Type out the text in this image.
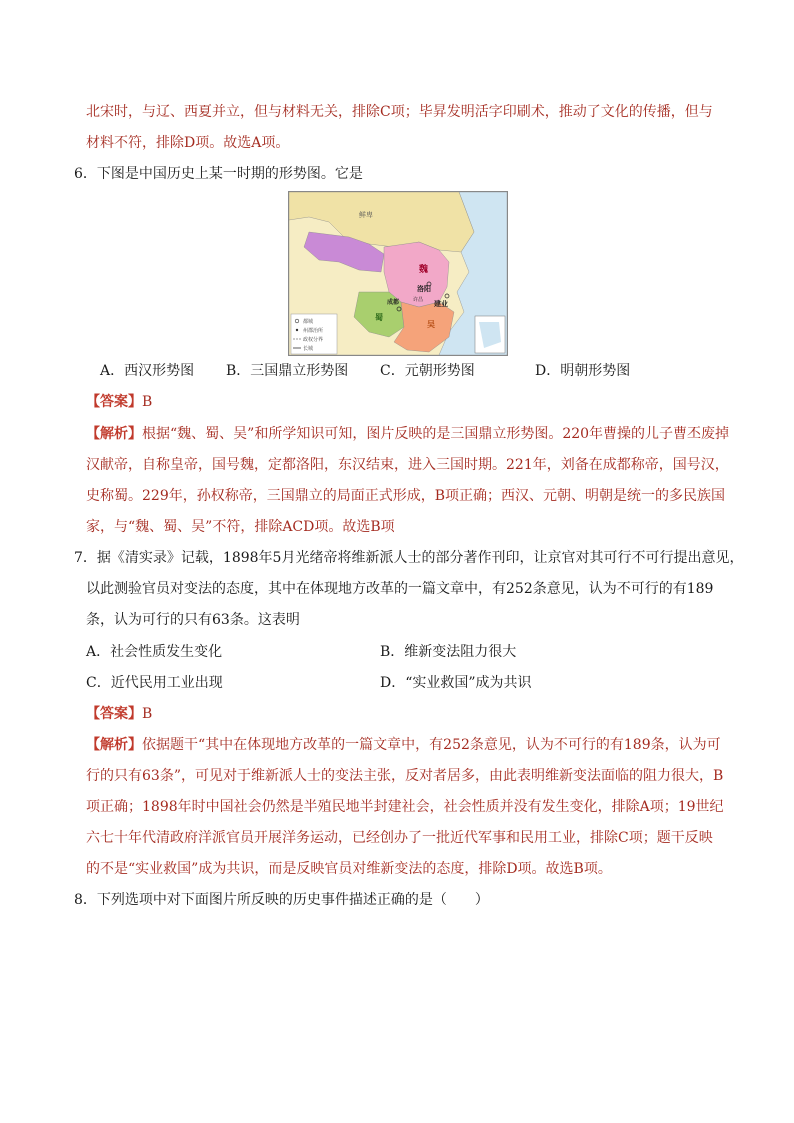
北宋时，与辽、西夏并立，但与材料无关，排除C项；毕昇发明活字印刷术，推动了文化的传播，但与
材料不符，排除D项。故选A项。
6．下图是中国历史上某一时期的形势图。它是
都城
州郡治所
政权分界
长城
鲜卑
魏
洛阳
许昌
成都
蜀
建业
吴
A．西汉形势图 B．三国鼎立形势图 C．元朝形势图	D．明朝形势图
【答案】B
【解析】根据“魏、蜀、吴”和所学知识可知，图片反映的是三国鼎立形势图。220年曹操的儿子曹丕废掉
汉献帝，自称皇帝，国号魏，定都洛阳，东汉结束，进入三国时期。221年，刘备在成都称帝，国号汉，
史称蜀。229年，孙权称帝，三国鼎立的局面正式形成，B项正确；西汉、元朝、明朝是统一的多民族国
家，与“魏、蜀、吴”不符，排除ACD项。故选B项
7．据《清实录》记载，1898年5月光绪帝将维新派人士的部分著作刊印，让京官对其可行不可行提出意见，
以此测验官员对变法的态度，其中在体现地方改革的一篇文章中，有252条意见，认为不可行的有189
条，认为可行的只有63条。这表明
A．社会性质发生变化	B．维新变法阻力很大
C．近代民用工业出现	D．“实业救国”成为共识
【答案】B
【解析】依据题干“其中在体现地方改革的一篇文章中，有252条意见，认为不可行的有189条，认为可
行的只有63条”，可见对于维新派人士的变法主张，反对者居多，由此表明维新变法面临的阻力很大，B
项正确；1898年时中国社会仍然是半殖民地半封建社会，社会性质并没有发生变化，排除A项；19世纪
六七十年代清政府洋派官员开展洋务运动，已经创办了一批近代军事和民用工业，排除C项；题干反映
的不是“实业救国”成为共识，而是反映官员对维新变法的态度，排除D项。故选B项。
8．下列选项中对下面图片所反映的历史事件描述正确的是（　　）
